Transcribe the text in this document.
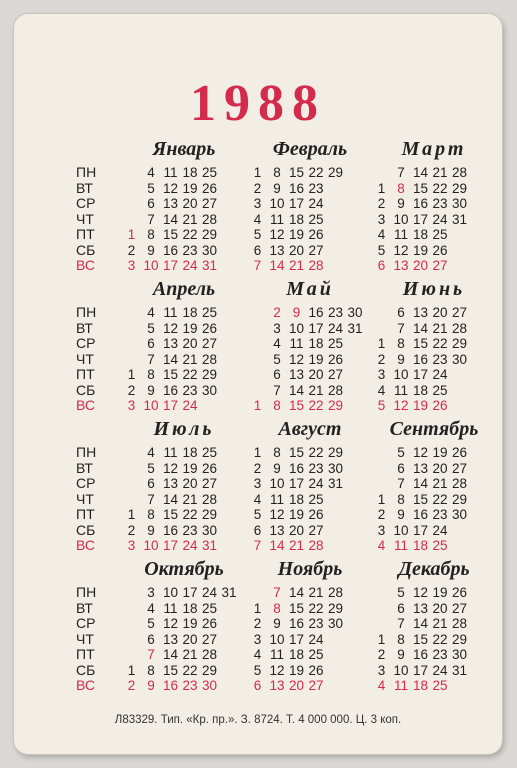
1988
ПН
ВТ
СР
ЧТ
ПТ
СБ
ВС
Январь
1
2
3
4
5
6
7
8
9
10
11
12
13
14
15
16
17
18
19
20
21
22
23
24
25
26
27
28
29
30
31
Февраль
1
2
3
4
5
6
7
8
9
10
11
12
13
14
15
16
17
18
19
20
21
22
23
24
25
26
27
28
29
Март
1
2
3
4
5
6
7
8
9
10
11
12
13
14
15
16
17
18
19
20
21
22
23
24
25
26
27
28
29
30
31
ПН
ВТ
СР
ЧТ
ПТ
СБ
ВС
Апрель
1
2
3
4
5
6
7
8
9
10
11
12
13
14
15
16
17
18
19
20
21
22
23
24
25
26
27
28
29
30
Май
1
2
3
4
5
6
7
8
9
10
11
12
13
14
15
16
17
18
19
20
21
22
23
24
25
26
27
28
29
30
31
Июнь
1
2
3
4
5
6
7
8
9
10
11
12
13
14
15
16
17
18
19
20
21
22
23
24
25
26
27
28
29
30
ПН
ВТ
СР
ЧТ
ПТ
СБ
ВС
Июль
1
2
3
4
5
6
7
8
9
10
11
12
13
14
15
16
17
18
19
20
21
22
23
24
25
26
27
28
29
30
31
Август
1
2
3
4
5
6
7
8
9
10
11
12
13
14
15
16
17
18
19
20
21
22
23
24
25
26
27
28
29
30
31
Сентябрь
1
2
3
4
5
6
7
8
9
10
11
12
13
14
15
16
17
18
19
20
21
22
23
24
25
26
27
28
29
30
ПН
ВТ
СР
ЧТ
ПТ
СБ
ВС
Октябрь
1
2
3
4
5
6
7
8
9
10
11
12
13
14
15
16
17
18
19
20
21
22
23
24
25
26
27
28
29
30
31
Ноябрь
1
2
3
4
5
6
7
8
9
10
11
12
13
14
15
16
17
18
19
20
21
22
23
24
25
26
27
28
29
30
Декабрь
1
2
3
4
5
6
7
8
9
10
11
12
13
14
15
16
17
18
19
20
21
22
23
24
25
26
27
28
29
30
31
Л83329. Тип. «Кр. пр.». З. 8724. Т. 4 000 000. Ц. 3 коп.
